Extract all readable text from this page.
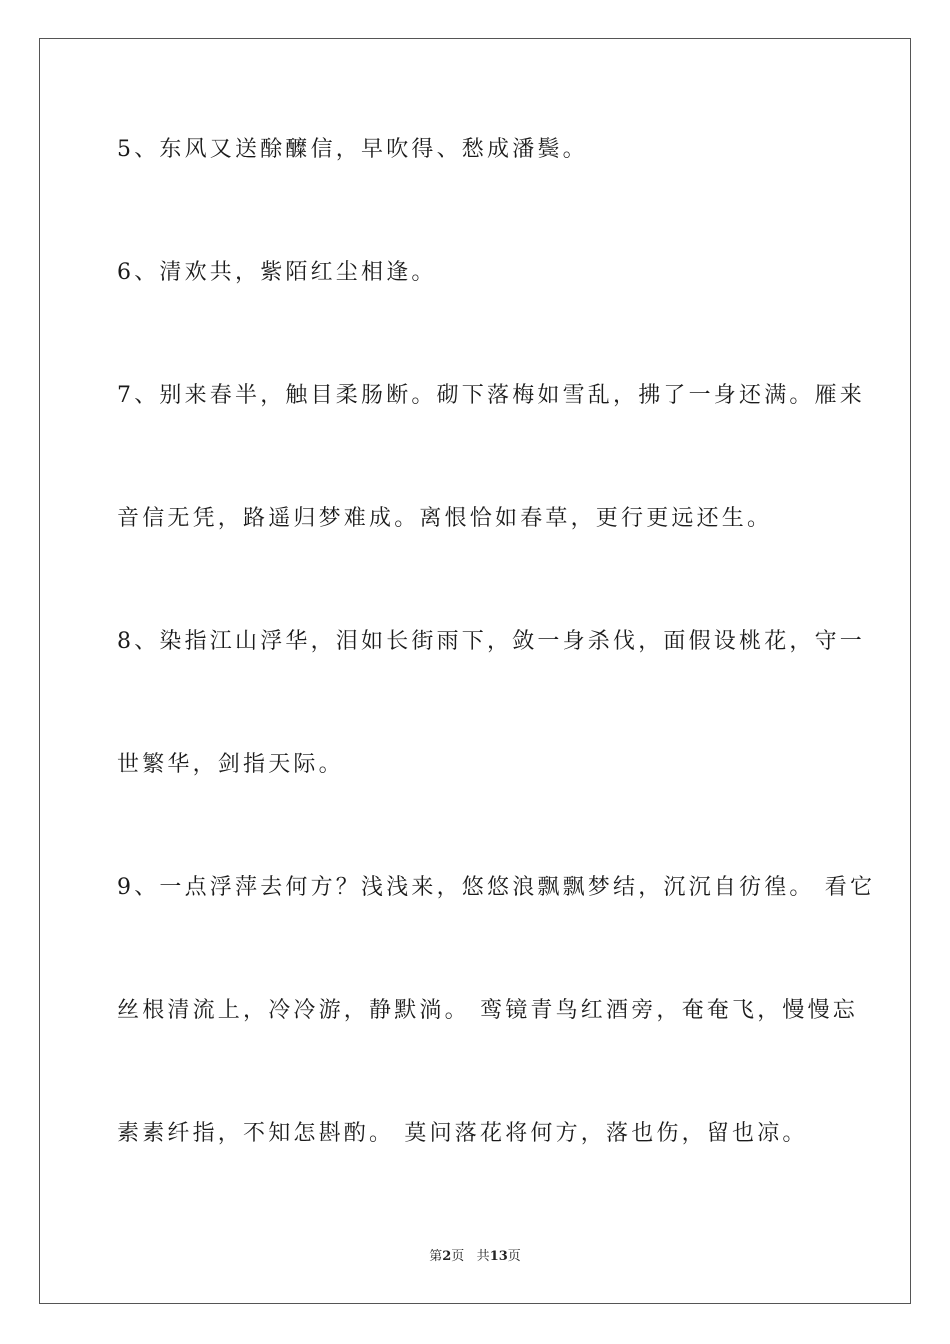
5、东风又送酴醾信，早吹得、愁成潘鬓。
6、清欢共，紫陌红尘相逢。
7、别来春半，触目柔肠断。砌下落梅如雪乱，拂了一身还满。雁来
音信无凭，路遥归梦难成。离恨恰如春草，更行更远还生。
8、染指江山浮华，泪如长街雨下，敛一身杀伐，面假设桃花，守一
世繁华，剑指天际。
9、一点浮萍去何方？浅浅来，悠悠浪飘飘梦结，沉沉自彷徨。 看它
丝根清流上，冷冷游，静默淌。 鸾镜青鸟红酒旁，奄奄飞，慢慢忘
素素纤指，不知怎斟酌。 莫问落花将何方，落也伤，留也凉。
第2页 共13页
